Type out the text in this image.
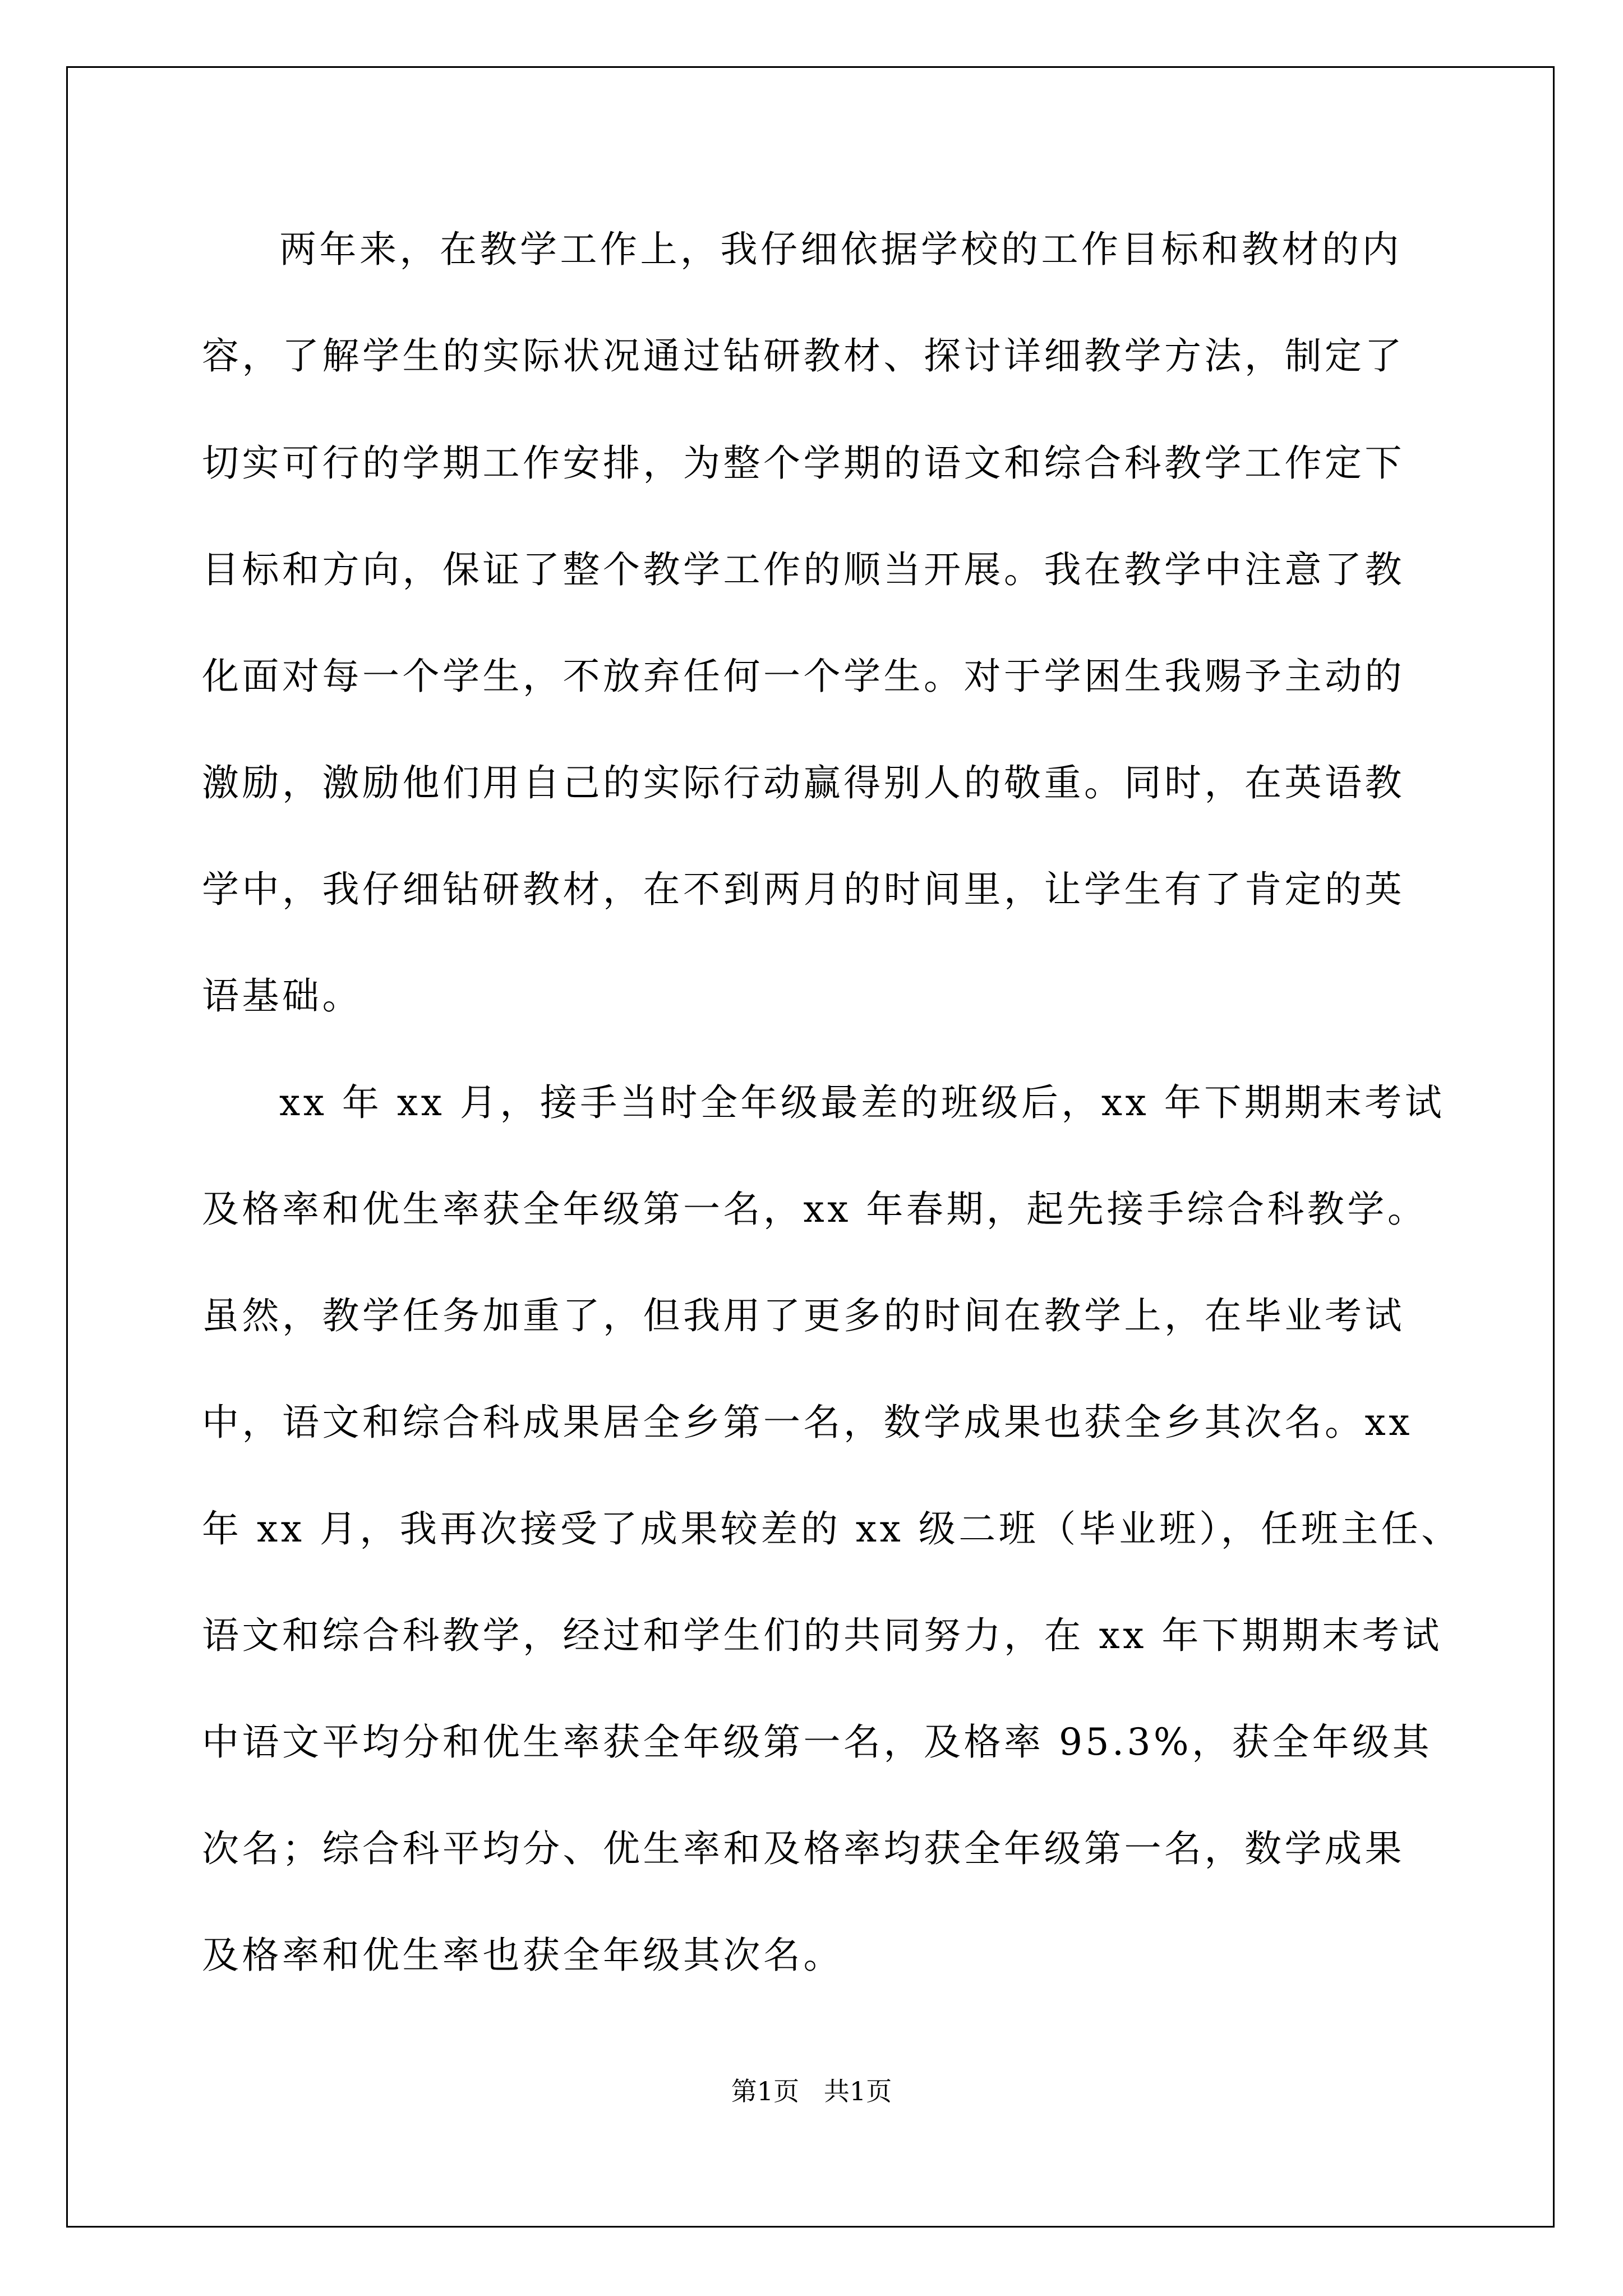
两年来，在教学工作上，我仔细依据学校的工作目标和教材的内
容，了解学生的实际状况通过钻研教材、探讨详细教学方法，制定了
切实可行的学期工作安排，为整个学期的语文和综合科教学工作定下
目标和方向，保证了整个教学工作的顺当开展。我在教学中注意了教
化面对每一个学生，不放弃任何一个学生。对于学困生我赐予主动的
激励，激励他们用自己的实际行动赢得别人的敬重。同时，在英语教
学中，我仔细钻研教材，在不到两月的时间里，让学生有了肯定的英
语基础。
xx 年 xx 月，接手当时全年级最差的班级后，xx 年下期期末考试
及格率和优生率获全年级第一名，xx 年春期，起先接手综合科教学。
虽然，教学任务加重了，但我用了更多的时间在教学上，在毕业考试
中，语文和综合科成果居全乡第一名，数学成果也获全乡其次名。xx
年 xx 月，我再次接受了成果较差的 xx 级二班（毕业班），任班主任、
语文和综合科教学，经过和学生们的共同努力，在 xx 年下期期末考试
中语文平均分和优生率获全年级第一名，及格率 95.3%，获全年级其
次名；综合科平均分、优生率和及格率均获全年级第一名，数学成果
及格率和优生率也获全年级其次名。
第1页   共1页
